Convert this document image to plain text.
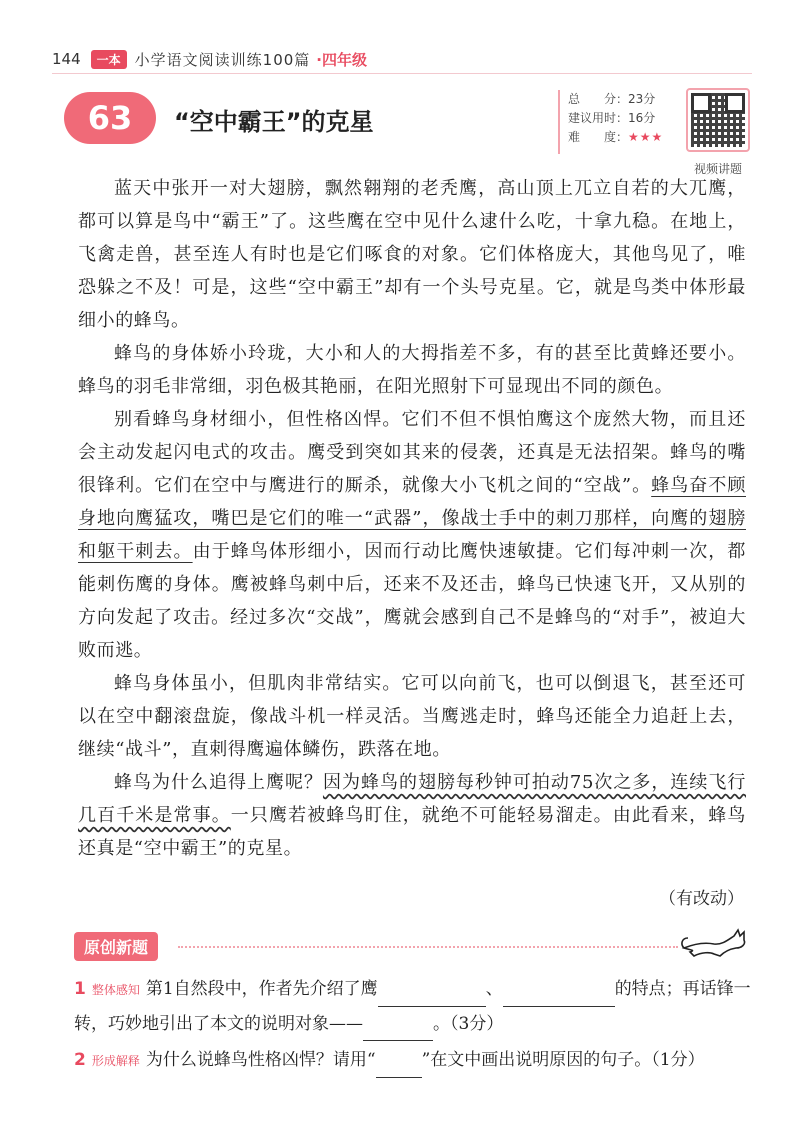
144	一本 小学语文阅读训练100篇 ·四年级
63	“空中霸王”的克星
总　　分：23分
建议用时：16分
难　　度：★★★
视频讲题

蓝天中张开一对大翅膀，飘然翱翔的老秃鹰，高山顶上兀立自若的大兀鹰，都可以算是鸟中“霸王”了。这些鹰在空中见什么逮什么吃，十拿九稳。在地上，飞禽走兽，甚至连人有时也是它们啄食的对象。它们体格庞大，其他鸟见了，唯恐躲之不及！可是，这些“空中霸王”却有一个头号克星。它，就是鸟类中体形最细小的蜂鸟。

蜂鸟的身体娇小玲珑，大小和人的大拇指差不多，有的甚至比黄蜂还要小。蜂鸟的羽毛非常细，羽色极其艳丽，在阳光照射下可显现出不同的颜色。

别看蜂鸟身材细小，但性格凶悍。它们不但不惧怕鹰这个庞然大物，而且还会主动发起闪电式的攻击。鹰受到突如其来的侵袭，还真是无法招架。蜂鸟的嘴很锋利。它们在空中与鹰进行的厮杀，就像大小飞机之间的“空战”。蜂鸟奋不顾身地向鹰猛攻，嘴巴是它们的唯一“武器”，像战士手中的刺刀那样，向鹰的翅膀和躯干刺去。由于蜂鸟体形细小，因而行动比鹰快速敏捷。它们每冲刺一次，都能刺伤鹰的身体。鹰被蜂鸟刺中后，还来不及还击，蜂鸟已快速飞开，又从别的方向发起了攻击。经过多次“交战”，鹰就会感到自己不是蜂鸟的“对手”，被迫大败而逃。

蜂鸟身体虽小，但肌肉非常结实。它可以向前飞，也可以倒退飞，甚至还可以在空中翻滚盘旋，像战斗机一样灵活。当鹰逃走时，蜂鸟还能全力追赶上去，继续“战斗”，直刺得鹰遍体鳞伤，跌落在地。

蜂鸟为什么追得上鹰呢？因为蜂鸟的翅膀每秒钟可拍动75次之多，连续飞行几百千米是常事。一只鹰若被蜂鸟盯住，就绝不可能轻易溜走。由此看来，蜂鸟还真是“空中霸王”的克星。

（有改动）
原创新题
1 整体感知 第1自然段中，作者先介绍了鹰	、	的特点；再话锋一转，巧妙地引出了本文的说明对象——	。（3分）
2 形成解释 为什么说蜂鸟性格凶悍？请用“	”在文中画出说明原因的句子。（1分）
